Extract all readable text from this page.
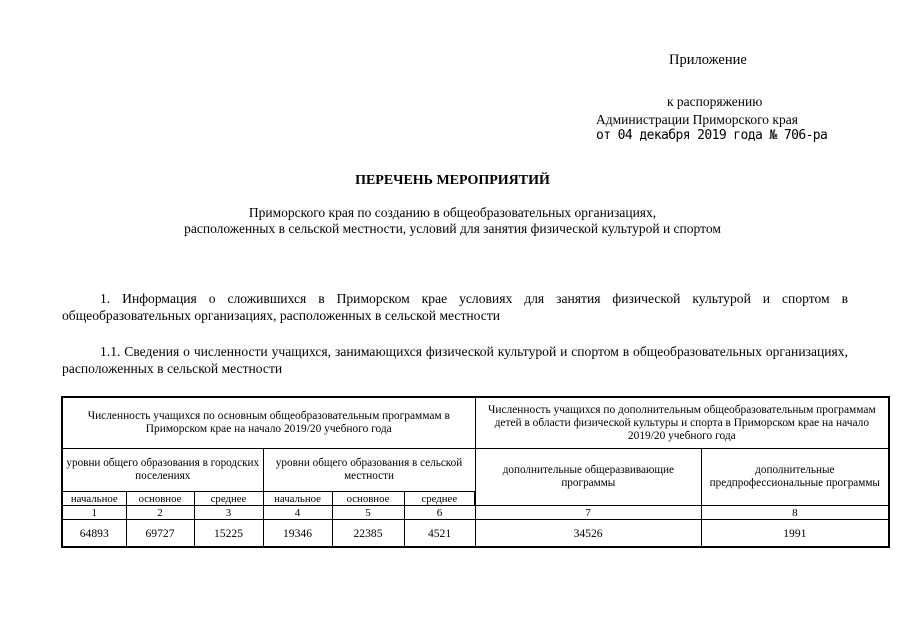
Приложение
к распоряжению
Администрации Приморского края
от 04 декабря 2019 года № 706-ра
ПЕРЕЧЕНЬ МЕРОПРИЯТИЙ
Приморского края по созданию в общеобразовательных организациях,
расположенных в сельской местности, условий для занятия физической культурой и спортом
1. Информация о сложившихся в Приморском крае условиях для занятия физической культурой и спортом в общеобразовательных организациях, расположенных в сельской местности
1.1. Сведения о численности учащихся, занимающихся физической культурой и спортом в общеобразовательных организациях, расположенных в сельской местности
Численность учащихся по основным общеобразовательным программам в Приморском крае на начало 2019/20 учебного года						Численность учащихся по дополнительным общеобразовательным программам детей в области физической культуры и спорта в Приморском крае на начало 2019/20 учебного года	
уровни общего образования в городских поселениях			уровни общего образования в сельской местности			дополнительные общеразвивающие программы	дополнительные предпрофессиональные программы
начальное	основное	среднее	начальное	основное	среднее		
1	2	3	4	5	6	7	8
64893	69727	15225	19346	22385	4521	34526	1991
